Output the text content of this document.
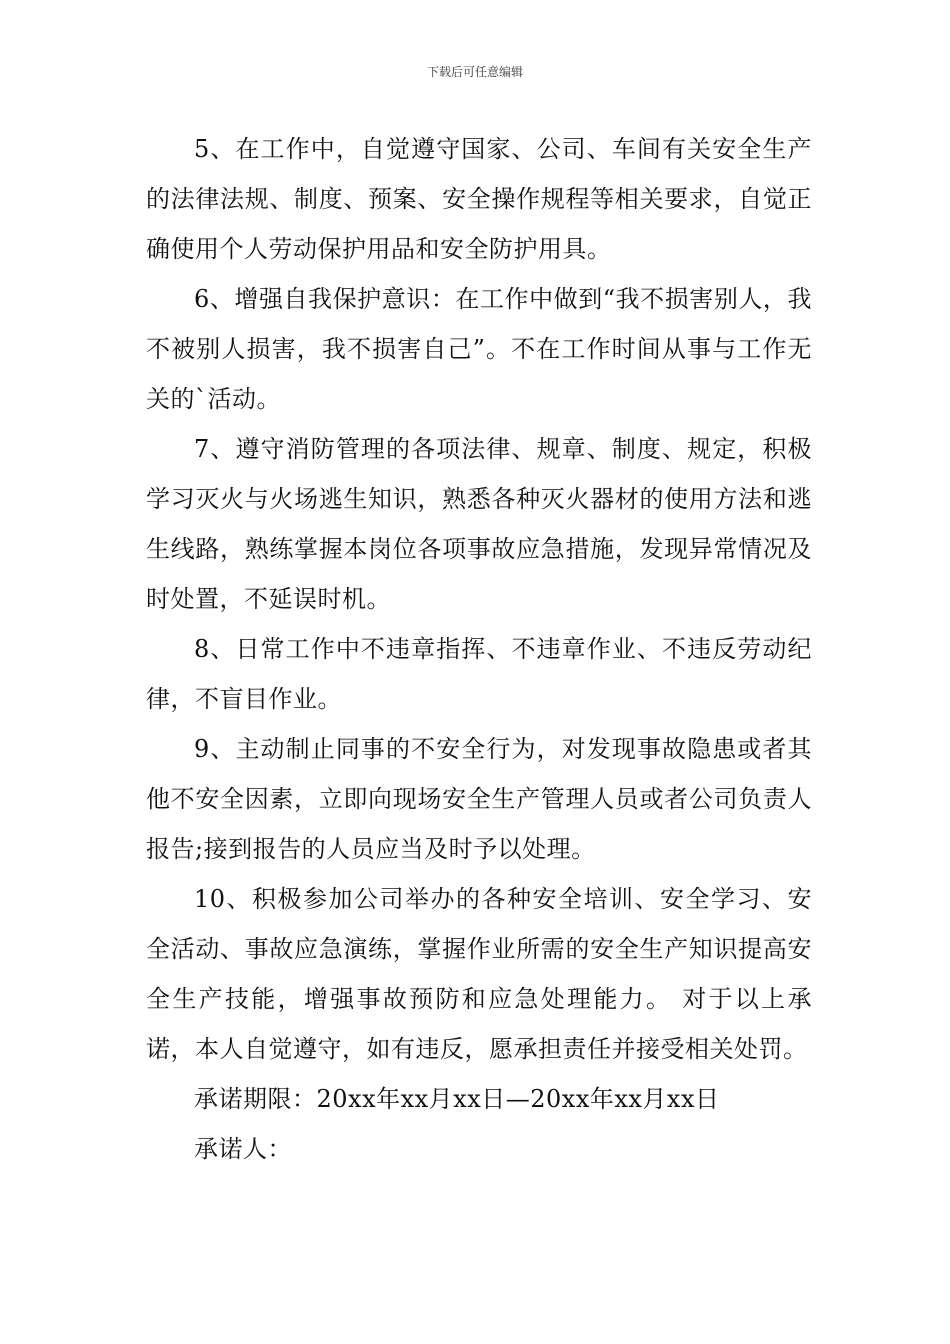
下载后可任意编辑

5、在工作中，自觉遵守国家、公司、车间有关安全生产的法律法规、制度、预案、安全操作规程等相关要求，自觉正确使用个人劳动保护用品和安全防护用具。

6、增强自我保护意识：在工作中做到“我不损害别人，我不被别人损害，我不损害自己”。不在工作时间从事与工作无关的`活动。

7、遵守消防管理的各项法律、规章、制度、规定，积极学习灭火与火场逃生知识，熟悉各种灭火器材的使用方法和逃生线路，熟练掌握本岗位各项事故应急措施，发现异常情况及时处置，不延误时机。

8、日常工作中不违章指挥、不违章作业、不违反劳动纪律，不盲目作业。

9、主动制止同事的不安全行为，对发现事故隐患或者其他不安全因素，立即向现场安全生产管理人员或者公司负责人报告;接到报告的人员应当及时予以处理。

10、积极参加公司举办的各种安全培训、安全学习、安全活动、事故应急演练，掌握作业所需的安全生产知识提高安全生产技能，增强事故预防和应急处理能力。 对于以上承诺，本人自觉遵守，如有违反，愿承担责任并接受相关处罚。

承诺期限：20xx年xx月xx日—20xx年xx月xx日

承诺人：
